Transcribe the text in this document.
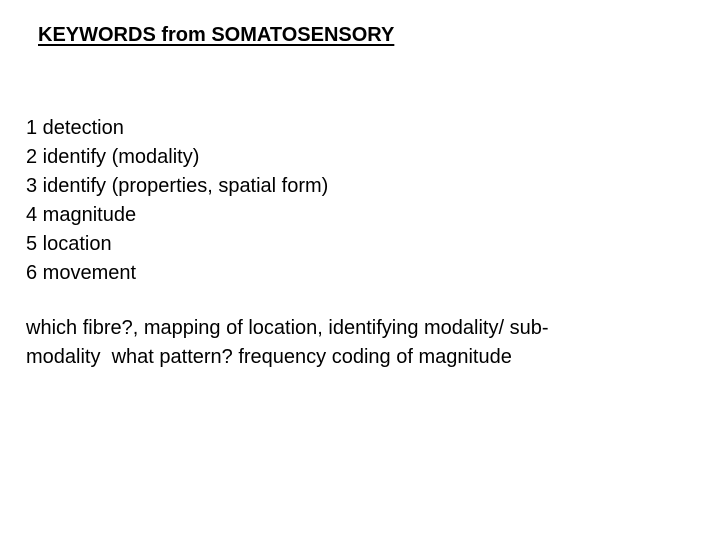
KEYWORDS from SOMATOSENSORY
1 detection
2 identify (modality)
3 identify (properties, spatial form)
4 magnitude
5 location
6 movement
which fibre?, mapping of location, identifying modality/ sub-
modality  what pattern? frequency coding of magnitude
